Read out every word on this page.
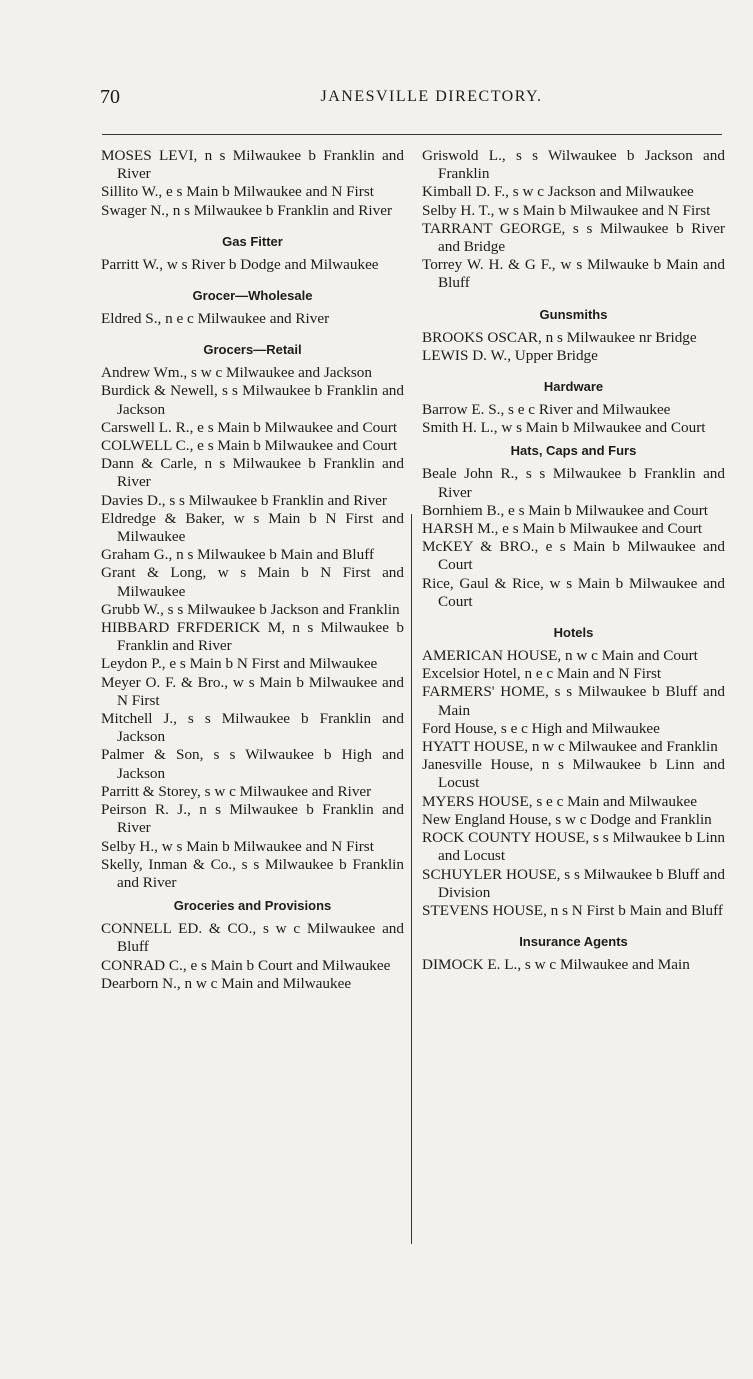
70	JANESVILLE DIRECTORY.
MOSES LEVI, n s Milwaukee b Franklin and River
Sillito W., e s Main b Milwaukee and N First
Swager N., n s Milwaukee b Franklin and River
Gas Fitter
Parritt W., w s River b Dodge and Milwaukee
Grocer—Wholesale
Eldred S., n e c Milwaukee and River
Grocers—Retail
Andrew Wm., s w c Milwaukee and Jackson
Burdick & Newell, s s Milwaukee b Franklin and Jackson
Carswell L. R., e s Main b Milwaukee and Court
COLWELL C., e s Main b Milwaukee and Court
Dann & Carle, n s Milwaukee b Franklin and River
Davies D., s s Milwaukee b Franklin and River
Eldredge & Baker, w s Main b N First and Milwaukee
Graham G., n s Milwaukee b Main and Bluff
Grant & Long, w s Main b N First and Milwaukee
Grubb W., s s Milwaukee b Jackson and Franklin
HIBBARD FRFDERICK M, n s Milwaukee b Franklin and River
Leydon P., e s Main b N First and Milwaukee
Meyer O. F. & Bro., w s Main b Milwaukee and N First
Mitchell J., s s Milwaukee b Franklin and Jackson
Palmer & Son, s s Wilwaukee b High and Jackson
Parritt & Storey, s w c Milwaukee and River
Peirson R. J., n s Milwaukee b Franklin and River
Selby H., w s Main b Milwaukee and N First
Skelly, Inman & Co., s s Milwaukee b Franklin and River
Groceries and Provisions
CONNELL ED. & CO., s w c Milwaukee and Bluff
CONRAD C., e s Main b Court and Milwaukee
Dearborn N., n w c Main and Milwaukee
Griswold L., s s Wilwaukee b Jackson and Franklin
Kimball D. F., s w c Jackson and Milwaukee
Selby H. T., w s Main b Milwaukee and N First
TARRANT GEORGE, s s Milwaukee b River and Bridge
Torrey W. H. & G F., w s Milwauke b Main and Bluff
Gunsmiths
BROOKS OSCAR, n s Milwaukee nr Bridge
LEWIS D. W., Upper Bridge
Hardware
Barrow E. S., s e c River and Milwaukee
Smith H. L., w s Main b Milwaukee and Court
Hats, Caps and Furs
Beale John R., s s Milwaukee b Franklin and River
Bornhiem B., e s Main b Milwaukee and Court
HARSH M., e s Main b Milwaukee and Court
McKEY & BRO., e s Main b Milwaukee and Court
Rice, Gaul & Rice, w s Main b Milwaukee and Court
Hotels
AMERICAN HOUSE, n w c Main and Court
Excelsior Hotel, n e c Main and N First
FARMERS' HOME, s s Milwaukee b Bluff and Main
Ford House, s e c High and Milwaukee
HYATT HOUSE, n w c Milwaukee and Franklin
Janesville House, n s Milwaukee b Linn and Locust
MYERS HOUSE, s e c Main and Milwaukee
New England House, s w c Dodge and Franklin
ROCK COUNTY HOUSE, s s Milwaukee b Linn and Locust
SCHUYLER HOUSE, s s Milwaukee b Bluff and Division
STEVENS HOUSE, n s N First b Main and Bluff
Insurance Agents
DIMOCK E. L., s w c Milwaukee and Main
